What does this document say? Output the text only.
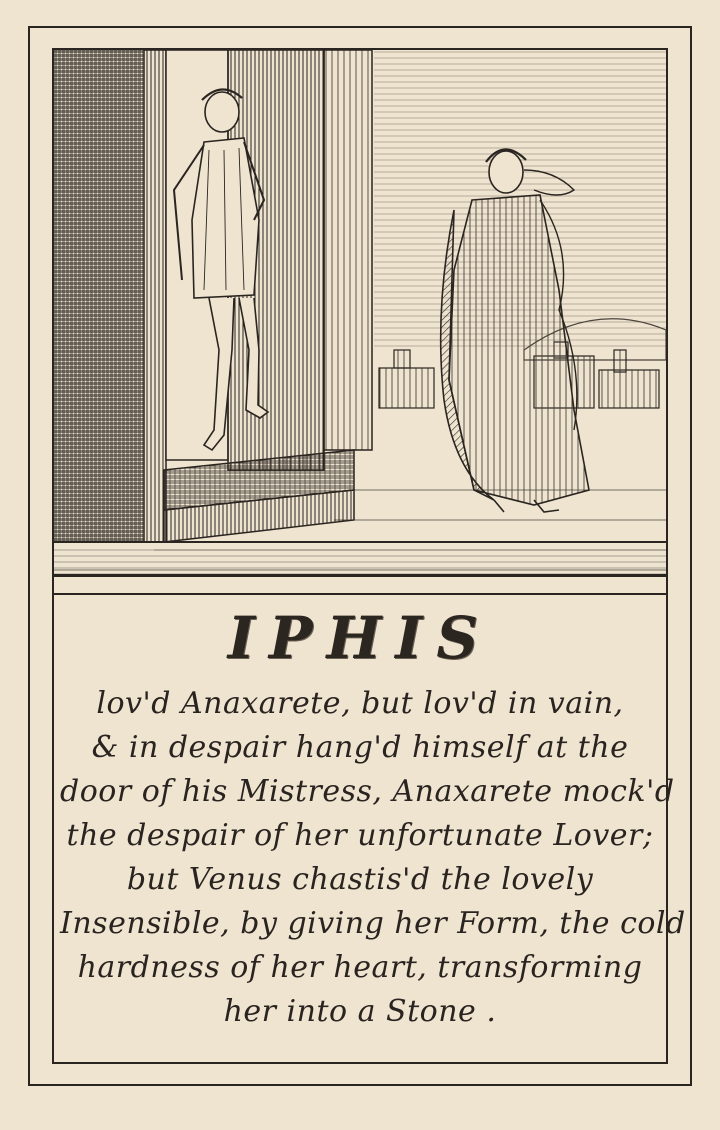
IPHIS
lov'd Anaxarete, but lov'd in vain,
& in despair hang'd himself at the
door of his Mistress, Anaxarete mock'd
the despair of her unfortunate Lover;
but Venus chastis'd the lovely
Insensible, by giving her Form, the cold
hardness of her heart, transforming
her into a Stone .
